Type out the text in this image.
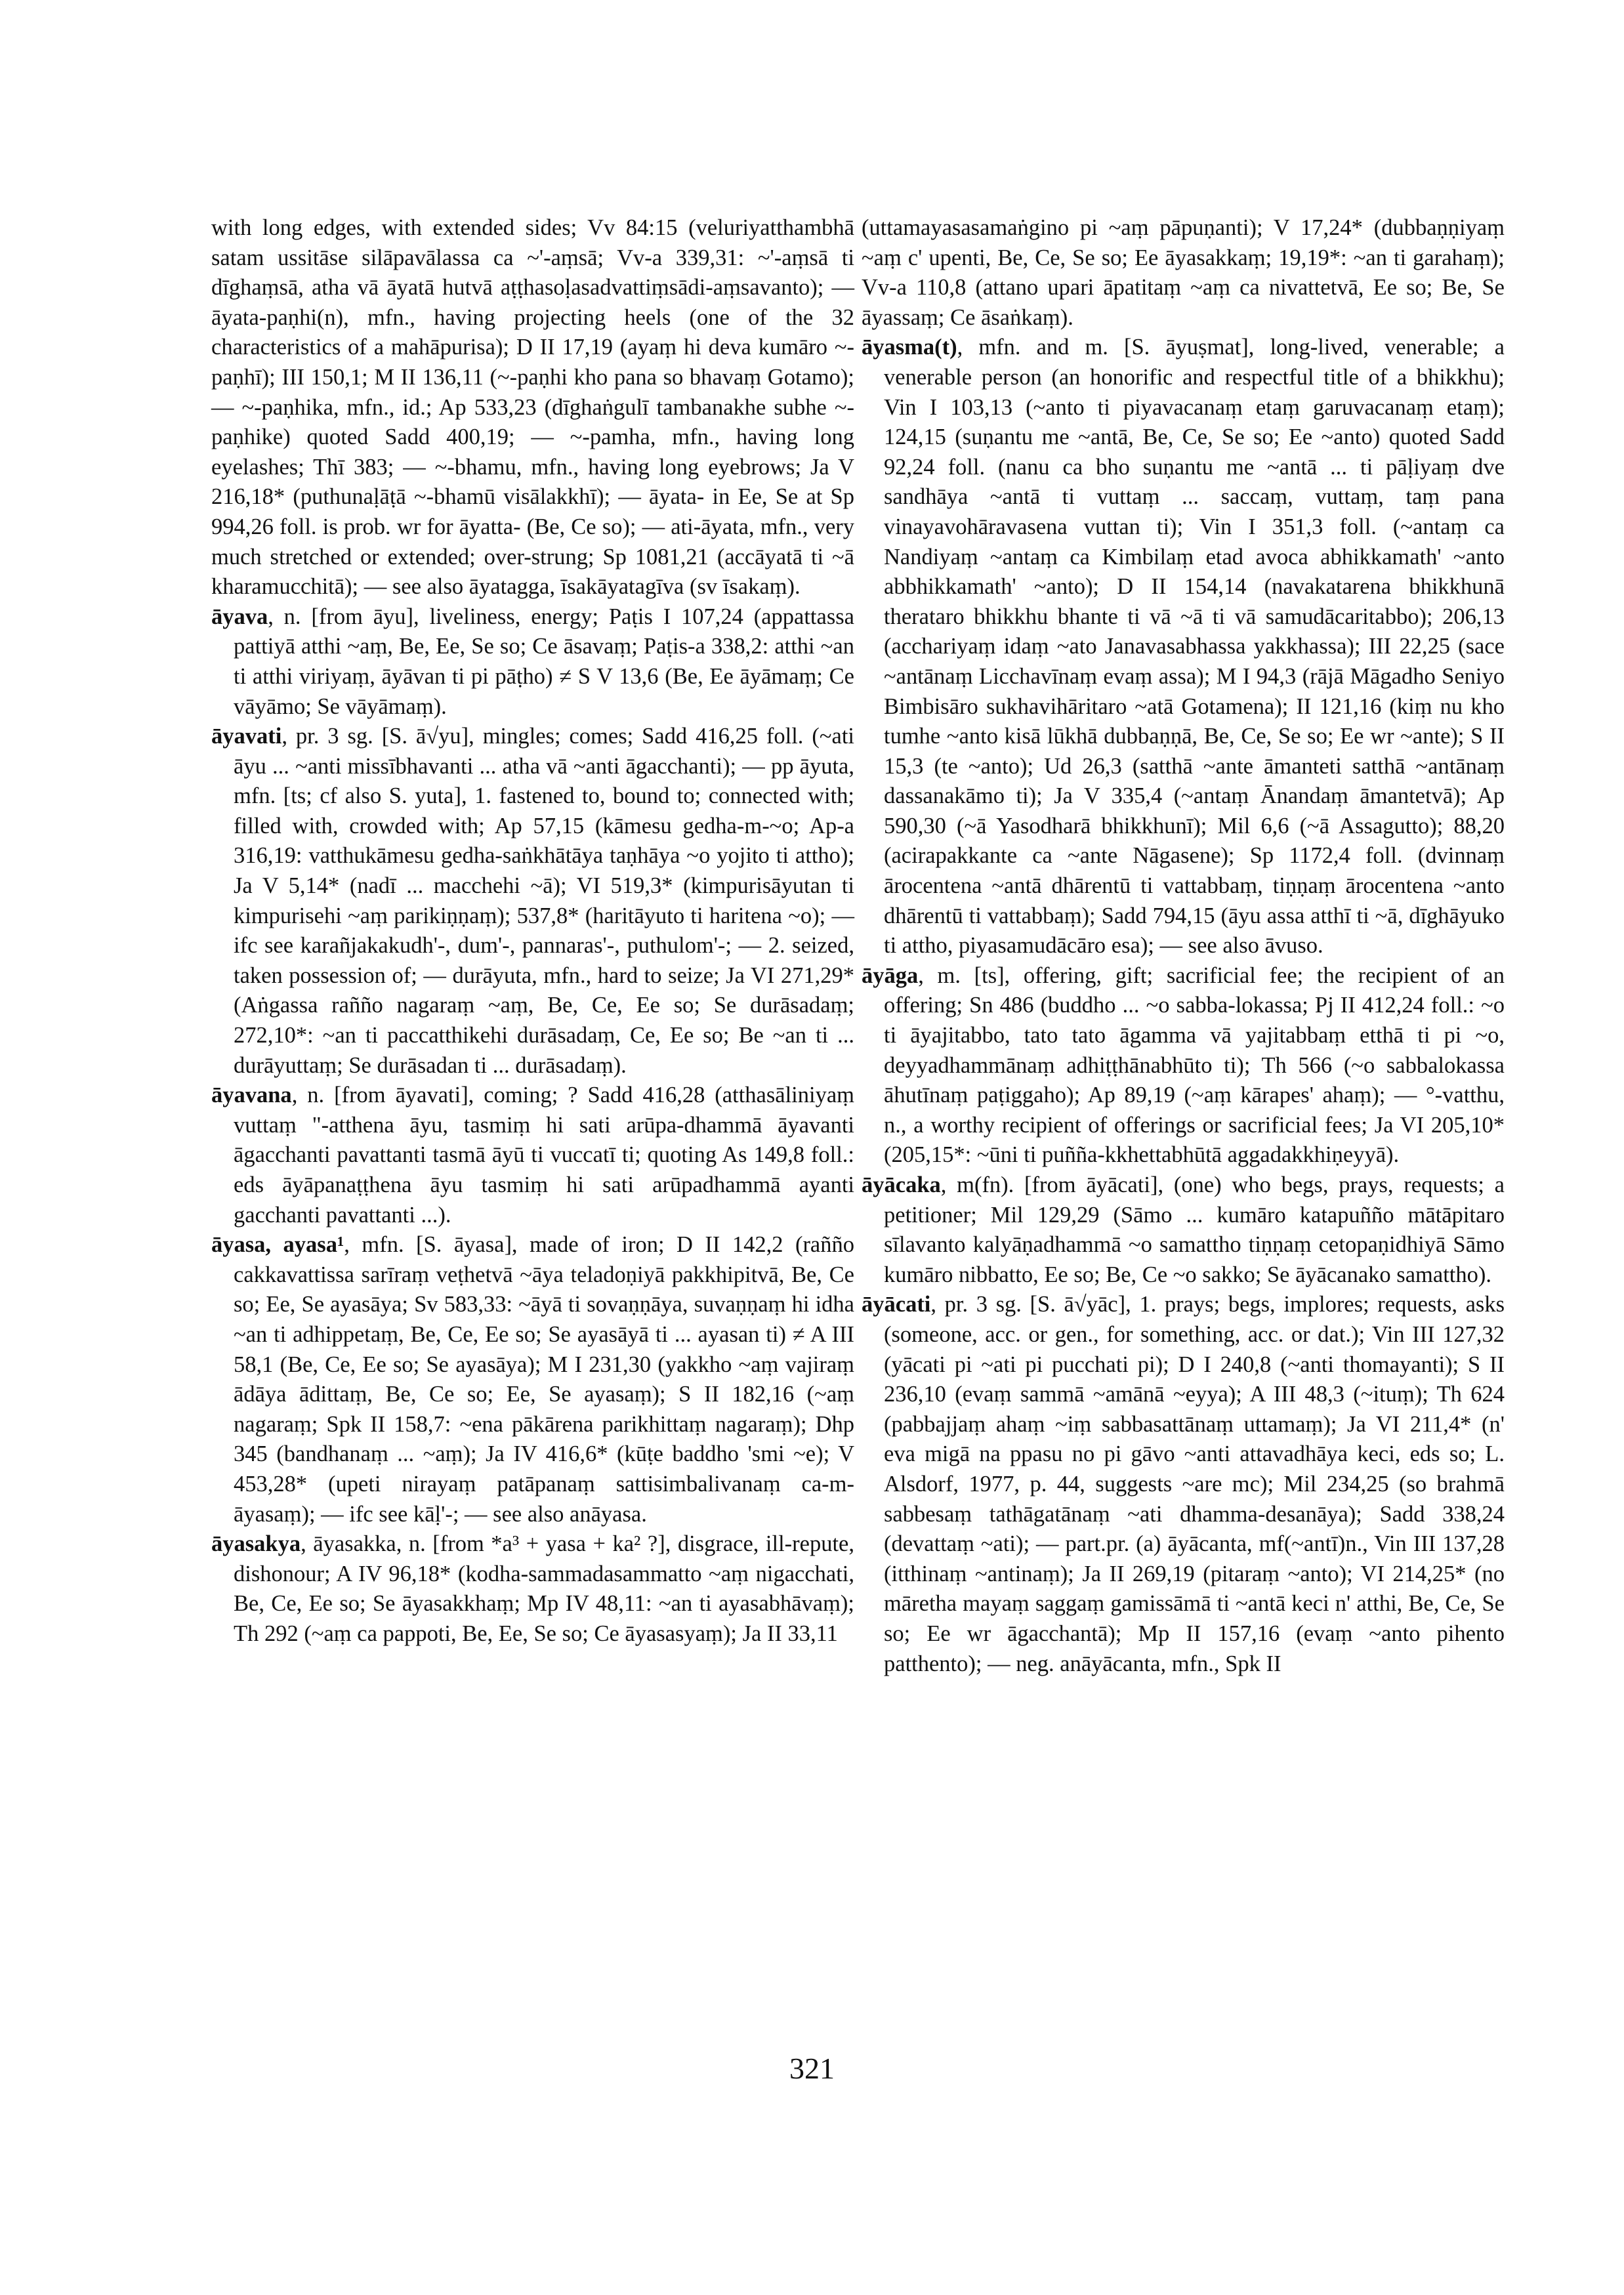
with long edges, with extended sides; Vv 84:15 (veluriyatthambhā satam ussitāse silāpavālassa ca ~'-aṃsā; Vv-a 339,31: ~'-aṃsā ti dīghaṃsā, atha vā āyatā hutvā aṭṭhasoḷasadvattiṃsādi-aṃsavanto); — āyata-paṇhi(n), mfn., having projecting heels (one of the 32 characteristics of a mahāpurisa); D II 17,19 (ayaṃ hi deva kumāro ~-paṇhī); III 150,1; M II 136,11 (~-paṇhi kho pana so bhavaṃ Gotamo); — ~-paṇhika, mfn., id.; Ap 533,23 (dīghaṅgulī tambanakhe subhe ~-paṇhike) quoted Sadd 400,19; — ~-pamha, mfn., having long eyelashes; Thī 383; — ~-bhamu, mfn., having long eyebrows; Ja V 216,18* (puthunaḷāṭā ~-bhamū visālakkhī); — āyata- in Ee, Se at Sp 994,26 foll. is prob. wr for āyatta- (Be, Ce so); — ati-āyata, mfn., very much stretched or extended; over-strung; Sp 1081,21 (accāyatā ti ~ā kharamucchitā); — see also āyatagga, īsakāyatagīva (sv īsakaṃ).

āyava, n. [from āyu], liveliness, energy; Paṭis I 107,24 (appattassa pattiyā atthi ~aṃ, Be, Ee, Se so; Ce āsavaṃ; Paṭis-a 338,2: atthi ~an ti atthi viriyaṃ, āyāvan ti pi pāṭho) ≠ S V 13,6 (Be, Ee āyāmaṃ; Ce vāyāmo; Se vāyāmaṃ).

āyavati, pr. 3 sg. [S. ā√yu], mingles; comes; Sadd 416,25 foll. (~ati āyu ... ~anti missībhavanti ... atha vā ~anti āgacchanti); — pp āyuta, mfn. [ts; cf also S. yuta], 1. fastened to, bound to; connected with; filled with, crowded with; Ap 57,15 (kāmesu gedha-m-~o; Ap-a 316,19: vatthukāmesu gedha-saṅkhātāya taṇhāya ~o yojito ti attho); Ja V 5,14* (nadī ... macchehi ~ā); VI 519,3* (kimpurisāyutan ti kimpurisehi ~aṃ parikiṇṇaṃ); 537,8* (haritāyuto ti haritena ~o); — ifc see karañjakakudh'-, dum'-, pannaras'-, puthulom'-; — 2. seized, taken possession of; — durāyuta, mfn., hard to seize; Ja VI 271,29* (Aṅgassa rañño nagaraṃ ~aṃ, Be, Ce, Ee so; Se durāsadaṃ; 272,10*: ~an ti paccatthikehi durāsadaṃ, Ce, Ee so; Be ~an ti ... durāyuttaṃ; Se durāsadan ti ... durāsadaṃ).

āyavana, n. [from āyavati], coming; ? Sadd 416,28 (atthasāliniyaṃ vuttaṃ "-atthena āyu, tasmiṃ hi sati arūpa-dhammā āyavanti āgacchanti pavattanti tasmā āyū ti vuccatī ti; quoting As 149,8 foll.: eds āyāpanaṭṭhena āyu tasmiṃ hi sati arūpadhammā ayanti gacchanti pavattanti ...).

āyasa, ayasa¹, mfn. [S. āyasa], made of iron; D II 142,2 (rañño cakkavattissa sarīraṃ veṭhetvā ~āya teladoṇiyā pakkhipitvā, Be, Ce so; Ee, Se ayasāya; Sv 583,33: ~āyā ti sovaṇṇāya, suvaṇṇaṃ hi idha ~an ti adhippetaṃ, Be, Ce, Ee so; Se ayasāyā ti ... ayasan ti) ≠ A III 58,1 (Be, Ce, Ee so; Se ayasāya); M I 231,30 (yakkho ~aṃ vajiraṃ ādāya ādittaṃ, Be, Ce so; Ee, Se ayasaṃ); S II 182,16 (~aṃ nagaraṃ; Spk II 158,7: ~ena pākārena parikhittaṃ nagaraṃ); Dhp 345 (bandhanaṃ ... ~aṃ); Ja IV 416,6* (kūṭe baddho 'smi ~e); V 453,28* (upeti nirayaṃ patāpanaṃ sattisimbalivanaṃ ca-m-āyasaṃ); — ifc see kāḷ'-; — see also anāyasa.

āyasakya, āyasakka, n. [from *a³ + yasa + ka² ?], disgrace, ill-repute, dishonour; A IV 96,18* (kodha-sammadasammatto ~aṃ nigacchati, Be, Ce, Ee so; Se āyasakkhaṃ; Mp IV 48,11: ~an ti ayasabhāvaṃ); Th 292 (~aṃ ca pappoti, Be, Ee, Se so; Ce āyasasyaṃ); Ja II 33,11

(uttamayasasamaṅgino pi ~aṃ pāpuṇanti); V 17,24* (dubbaṇṇiyaṃ ~aṃ c' upenti, Be, Ce, Se so; Ee āyasakkaṃ; 19,19*: ~an ti garahaṃ); Vv-a 110,8 (attano upari āpatitaṃ ~aṃ ca nivattetvā, Ee so; Be, Se āyassaṃ; Ce āsaṅkaṃ).

āyasma(t), mfn. and m. [S. āyuṣmat], long-lived, venerable; a venerable person (an honorific and respectful title of a bhikkhu); Vin I 103,13 (~anto ti piyavacanaṃ etaṃ garuvacanaṃ etaṃ); 124,15 (suṇantu me ~antā, Be, Ce, Se so; Ee ~anto) quoted Sadd 92,24 foll. (nanu ca bho suṇantu me ~antā ... ti pāḷiyaṃ dve sandhāya ~antā ti vuttaṃ ... saccaṃ, vuttaṃ, taṃ pana vinayavohāravasena vuttan ti); Vin I 351,3 foll. (~antaṃ ca Nandiyaṃ ~antaṃ ca Kimbilaṃ etad avoca abhikkamath' ~anto abbhikkamath' ~anto); D II 154,14 (navakatarena bhikkhunā therataro bhikkhu bhante ti vā ~ā ti vā samudācaritabbo); 206,13 (acchariyaṃ idaṃ ~ato Janavasabhassa yakkhassa); III 22,25 (sace ~antānaṃ Licchavīnaṃ evaṃ assa); M I 94,3 (rājā Māgadho Seniyo Bimbisāro sukhavihāritaro ~atā Gotamena); II 121,16 (kiṃ nu kho tumhe ~anto kisā lūkhā dubbaṇṇā, Be, Ce, Se so; Ee wr ~ante); S II 15,3 (te ~anto); Ud 26,3 (satthā ~ante āmanteti satthā ~antānaṃ dassanakāmo ti); Ja V 335,4 (~antaṃ Ānandaṃ āmantetvā); Ap 590,30 (~ā Yasodharā bhikkhunī); Mil 6,6 (~ā Assagutto); 88,20 (acirapakkante ca ~ante Nāgasene); Sp 1172,4 foll. (dvinnaṃ ārocentena ~antā dhārentū ti vattabbaṃ, tiṇṇaṃ ārocentena ~anto dhārentū ti vattabbaṃ); Sadd 794,15 (āyu assa atthī ti ~ā, dīghāyuko ti attho, piyasamudācāro esa); — see also āvuso.

āyāga, m. [ts], offering, gift; sacrificial fee; the recipient of an offering; Sn 486 (buddho ... ~o sabba-lokassa; Pj II 412,24 foll.: ~o ti āyajitabbo, tato tato āgamma vā yajitabbaṃ etthā ti pi ~o, deyyadhammānaṃ adhiṭṭhānabhūto ti); Th 566 (~o sabbalokassa āhutīnaṃ paṭiggaho); Ap 89,19 (~aṃ kārapes' ahaṃ); — °-vatthu, n., a worthy recipient of offerings or sacrificial fees; Ja VI 205,10* (205,15*: ~ūni ti puñña-kkhettabhūtā aggadakkhiṇeyyā).

āyācaka, m(fn). [from āyācati], (one) who begs, prays, requests; a petitioner; Mil 129,29 (Sāmo ... kumāro katapuñño mātāpitaro sīlavanto kalyāṇadhammā ~o samattho tiṇṇaṃ cetopaṇidhiyā Sāmo kumāro nibbatto, Ee so; Be, Ce ~o sakko; Se āyācanako samattho).

āyācati, pr. 3 sg. [S. ā√yāc], 1. prays; begs, implores; requests, asks (someone, acc. or gen., for something, acc. or dat.); Vin III 127,32 (yācati pi ~ati pi pucchati pi); D I 240,8 (~anti thomayanti); S II 236,10 (evaṃ sammā ~amānā ~eyya); A III 48,3 (~ituṃ); Th 624 (pabbajjaṃ ahaṃ ~iṃ sabbasattānaṃ uttamaṃ); Ja VI 211,4* (n' eva migā na ppasu no pi gāvo ~anti attavadhāya keci, eds so; L. Alsdorf, 1977, p. 44, suggests ~are mc); Mil 234,25 (so brahmā sabbesaṃ tathāgatānaṃ ~ati dhamma-desanāya); Sadd 338,24 (devattaṃ ~ati); — part.pr. (a) āyācanta, mf(~antī)n., Vin III 137,28 (itthinaṃ ~antinaṃ); Ja II 269,19 (pitaraṃ ~anto); VI 214,25* (no māretha mayaṃ saggaṃ gamissāmā ti ~antā keci n' atthi, Be, Ce, Se so; Ee wr āgacchantā); Mp II 157,16 (evaṃ ~anto pihento patthento); — neg. anāyācanta, mfn., Spk II

321
